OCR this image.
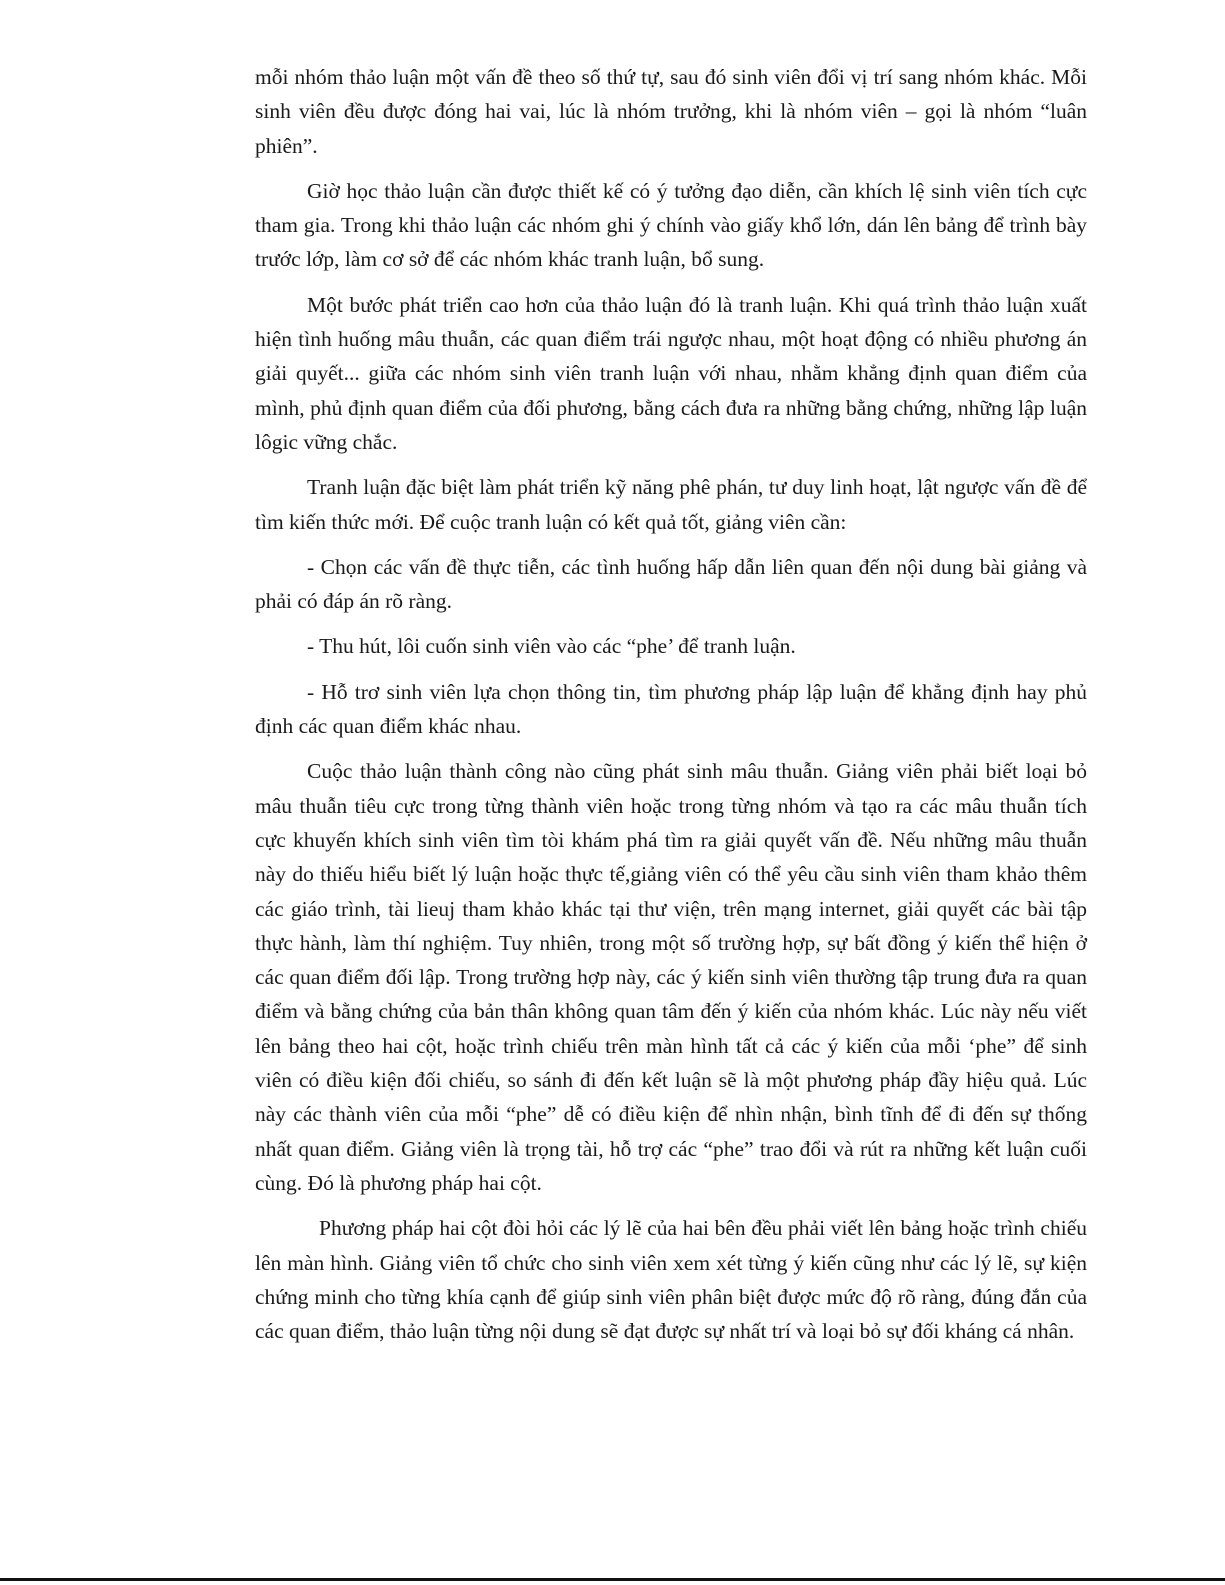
mỗi nhóm thảo luận một vấn đề theo số thứ tự, sau đó sinh viên đổi vị trí sang nhóm khác. Mỗi sinh viên đều được đóng hai vai, lúc là nhóm trưởng, khi là nhóm viên – gọi là nhóm “luân phiên”.

Giờ học thảo luận cần được thiết kế có ý tưởng đạo diễn, cần khích lệ sinh viên tích cực tham gia. Trong khi thảo luận các nhóm ghi ý chính vào giấy khổ lớn, dán lên bảng để trình bày trước lớp, làm cơ sở để các nhóm khác tranh luận, bổ sung.

Một bước phát triển cao hơn của thảo luận đó là tranh luận. Khi quá trình thảo luận xuất hiện tình huống mâu thuẫn, các quan điểm trái ngược nhau, một hoạt động có nhiều phương án giải quyết... giữa các nhóm sinh viên tranh luận với nhau, nhằm khẳng định quan điểm của mình, phủ định quan điểm của đối phương, bằng cách đưa ra những bằng chứng, những lập luận lôgic vững chắc.

Tranh luận đặc biệt làm phát triển kỹ năng phê phán, tư duy linh hoạt, lật ngược vấn đề để tìm kiến thức mới. Để cuộc tranh luận có kết quả tốt, giảng viên cần:

- Chọn các vấn đề thực tiễn, các tình huống hấp dẫn liên quan đến nội dung bài giảng và phải có đáp án rõ ràng.

- Thu hút, lôi cuốn sinh viên vào các “phe’ để tranh luận.

- Hỗ trơ sinh viên lựa chọn thông tin, tìm phương pháp lập luận để khẳng định hay phủ định các quan điểm khác nhau.

Cuộc thảo luận thành công nào cũng phát sinh mâu thuẫn. Giảng viên phải biết loại bỏ mâu thuẫn tiêu cực trong từng thành viên hoặc trong từng nhóm và tạo ra các mâu thuẫn tích cực khuyến khích sinh viên tìm tòi khám phá tìm ra giải quyết vấn đề. Nếu những mâu thuẫn này do thiếu hiểu biết lý luận hoặc thực tế,giảng viên có thể yêu cầu sinh viên tham khảo thêm các giáo trình, tài lieuj tham khảo khác tại thư viện, trên mạng internet, giải quyết các bài tập thực hành, làm thí nghiệm. Tuy nhiên, trong một số trường hợp, sự bất đồng ý kiến thể hiện ở các quan điểm đối lập. Trong trường hợp này, các ý kiến sinh viên thường tập trung đưa ra quan điểm và bằng chứng của bản thân không quan tâm đến ý kiến của nhóm khác. Lúc này nếu viết lên bảng theo hai cột, hoặc trình chiếu trên màn hình tất cả các ý kiến của mỗi ‘phe” để sinh viên có điều kiện đối chiếu, so sánh đi đến kết luận sẽ là một phương pháp đầy hiệu quả. Lúc này các thành viên của mỗi “phe” dễ có điều kiện để nhìn nhận, bình tĩnh để đi đến sự thống nhất quan điểm. Giảng viên là trọng tài, hỗ trợ các “phe” trao đổi và rút ra những kết luận cuối cùng. Đó là phương pháp hai cột.

Phương pháp hai cột đòi hỏi các lý lẽ của hai bên đều phải viết lên bảng hoặc trình chiếu lên màn hình. Giảng viên tổ chức cho sinh viên xem xét từng ý kiến cũng như các lý lẽ, sự kiện chứng minh cho từng khía cạnh để giúp sinh viên phân biệt được mức độ rõ ràng, đúng đắn của các quan điểm, thảo luận từng nội dung sẽ đạt được sự nhất trí và loại bỏ sự đối kháng cá nhân.
